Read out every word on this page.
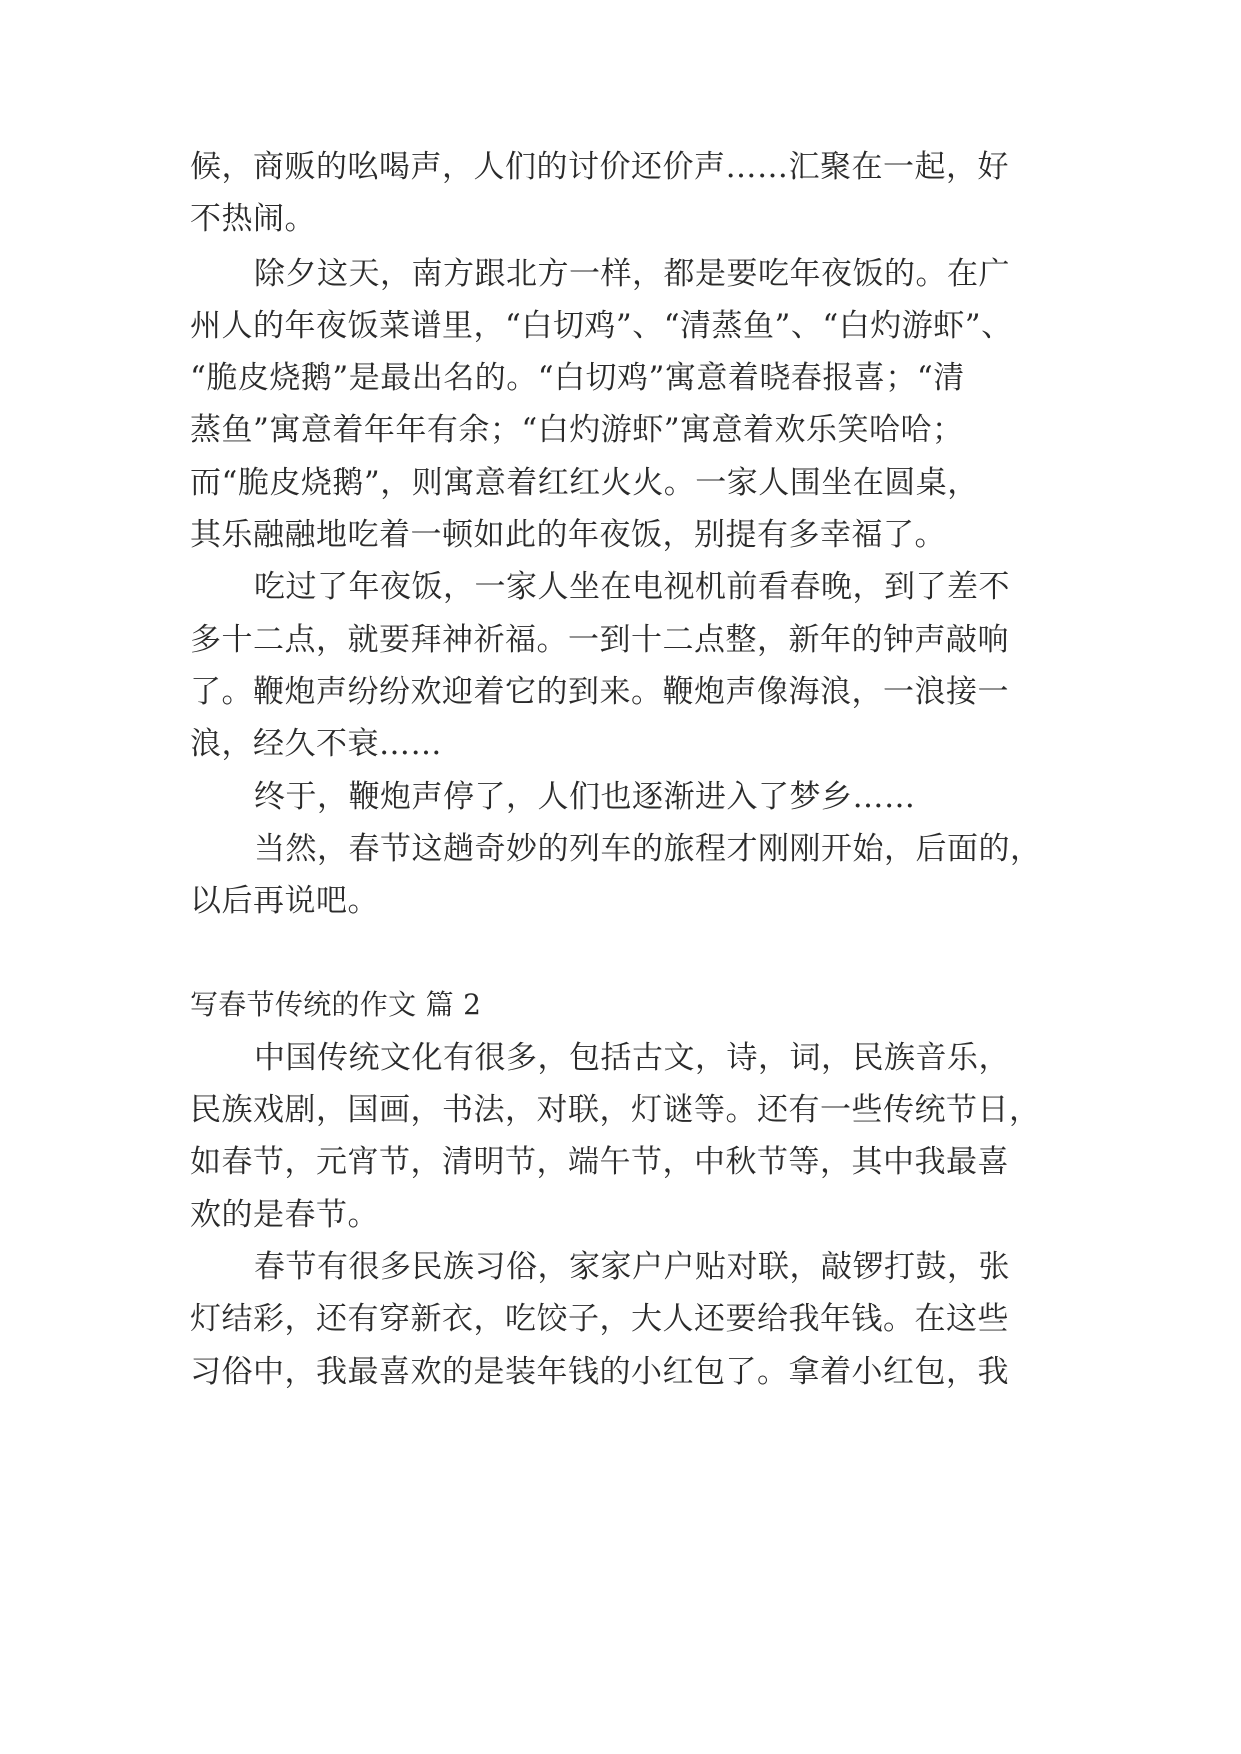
候，商贩的吆喝声，人们的讨价还价声……汇聚在一起，好
不热闹。
除夕这天，南方跟北方一样，都是要吃年夜饭的。在广
州人的年夜饭菜谱里，“白切鸡”、“清蒸鱼”、“白灼游虾”、
“脆皮烧鹅”是最出名的。“白切鸡”寓意着晓春报喜；“清
蒸鱼”寓意着年年有余；“白灼游虾”寓意着欢乐笑哈哈；
而“脆皮烧鹅”，则寓意着红红火火。一家人围坐在圆桌，
其乐融融地吃着一顿如此的年夜饭，别提有多幸福了。
吃过了年夜饭，一家人坐在电视机前看春晚，到了差不
多十二点，就要拜神祈福。一到十二点整，新年的钟声敲响
了。鞭炮声纷纷欢迎着它的到来。鞭炮声像海浪，一浪接一
浪，经久不衰……
终于，鞭炮声停了，人们也逐渐进入了梦乡……
当然，春节这趟奇妙的列车的旅程才刚刚开始，后面的，
以后再说吧。
写春节传统的作文 篇 2
中国传统文化有很多，包括古文，诗，词，民族音乐，
民族戏剧，国画，书法，对联，灯谜等。还有一些传统节日，
如春节，元宵节，清明节，端午节，中秋节等，其中我最喜
欢的是春节。
春节有很多民族习俗，家家户户贴对联，敲锣打鼓，张
灯结彩，还有穿新衣，吃饺子，大人还要给我年钱。在这些
习俗中，我最喜欢的是装年钱的小红包了。拿着小红包，我
